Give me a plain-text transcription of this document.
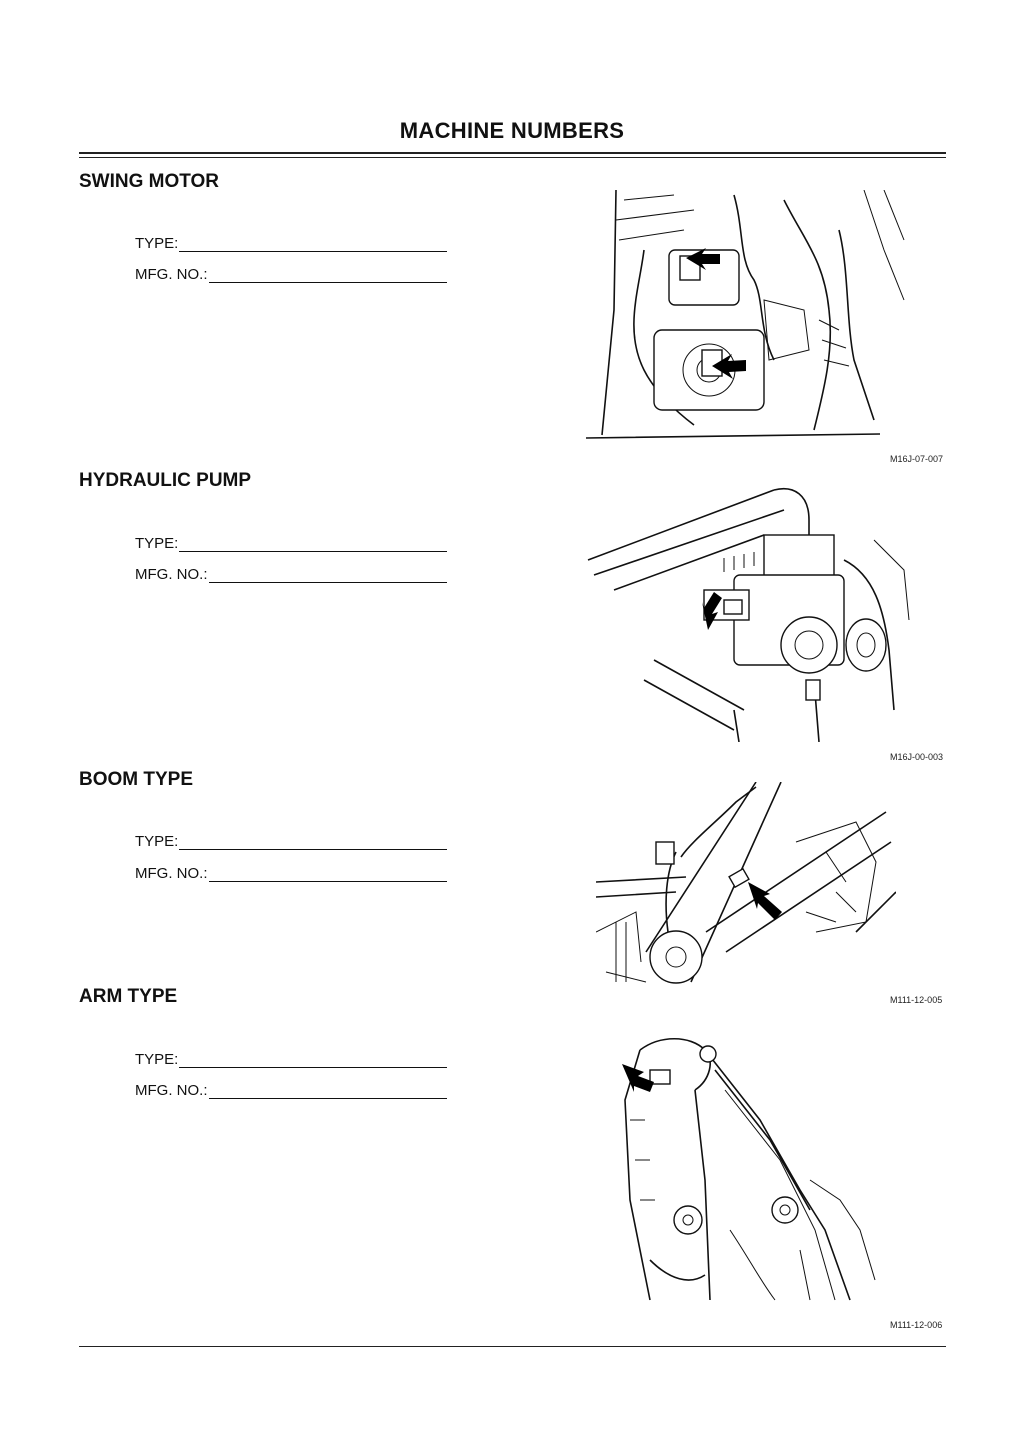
MACHINE NUMBERS
SWING MOTOR
TYPE:
MFG. NO.:
M16J-07-007
HYDRAULIC PUMP
TYPE:
MFG. NO.:
M16J-00-003
BOOM TYPE
TYPE:
MFG. NO.:
M111-12-005
ARM TYPE
TYPE:
MFG. NO.:
M111-12-006
